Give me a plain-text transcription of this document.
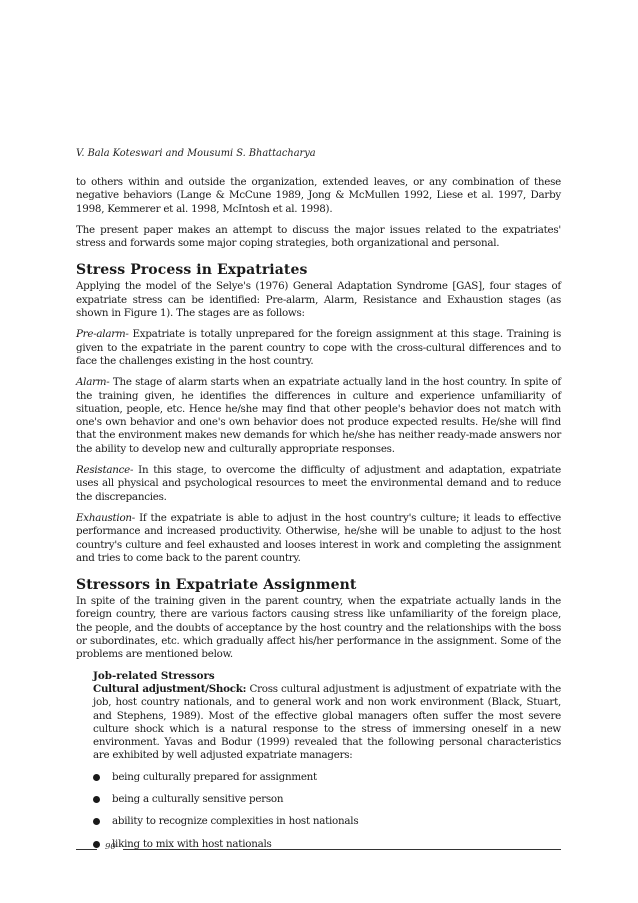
V. Bala Koteswari and Mousumi S. Bhattacharya

to others within and outside the organization, extended leaves, or any combination of these negative behaviors (Lange & McCune 1989, Jong & McMullen 1992, Liese et al. 1997, Darby 1998, Kemmerer et al. 1998, McIntosh et al. 1998).

The present paper makes an attempt to discuss the major issues related to the expatriates' stress and forwards some major coping strategies, both organizational and personal.

Stress Process in Expatriates

Applying the model of the Selye's (1976) General Adaptation Syndrome [GAS], four stages of expatriate stress can be identified: Pre-alarm, Alarm, Resistance and Exhaustion stages (as shown in Figure 1). The stages are as follows:

Pre-alarm- Expatriate is totally unprepared for the foreign assignment at this stage. Training is given to the expatriate in the parent country to cope with the cross-cultural differences and to face the challenges existing in the host country.

Alarm- The stage of alarm starts when an expatriate actually land in the host country. In spite of the training given, he identifies the differences in culture and experience unfamiliarity of situation, people, etc. Hence he/she may find that other people's behavior does not match with one's own behavior and one's own behavior does not produce expected results. He/she will find that the environment makes new demands for which he/she has neither ready-made answers nor the ability to develop new and culturally appropriate responses.

Resistance- In this stage, to overcome the difficulty of adjustment and adaptation, expatriate uses all physical and psychological resources to meet the environmental demand and to reduce the discrepancies.

Exhaustion- If the expatriate is able to adjust in the host country's culture; it leads to effective performance and increased productivity. Otherwise, he/she will be unable to adjust to the host country's culture and feel exhausted and looses interest in work and completing the assignment and tries to come back to the parent country.

Stressors in Expatriate Assignment

In spite of the training given in the parent country, when the expatriate actually lands in the foreign country, there are various factors causing stress like unfamiliarity of the foreign place, the people, and the doubts of acceptance by the host country and the relationships with the boss or subordinates, etc. which gradually affect his/her performance in the assignment. Some of the problems are mentioned below.

Job-related Stressors

Cultural adjustment/Shock: Cross cultural adjustment is adjustment of expatriate with the job, host country nationals, and to general work and non work environment (Black, Stuart, and Stephens, 1989). Most of the effective global managers often suffer the most severe culture shock which is a natural response to the stress of immersing oneself in a new environment. Yavas and Bodur (1999) revealed that the following personal characteristics are exhibited by well adjusted expatriate managers:

being culturally prepared for assignment
being a culturally sensitive person
ability to recognize complexities in host nationals
liking to mix with host nationals
90
